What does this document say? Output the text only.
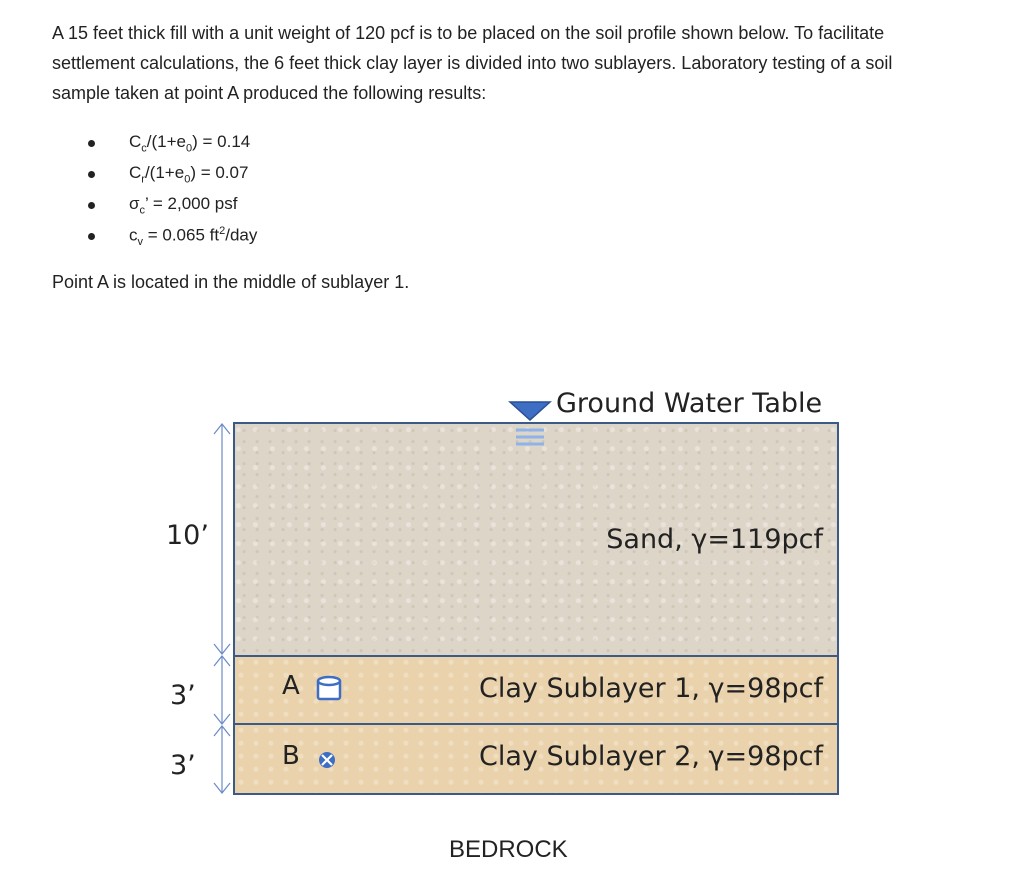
A 15 feet thick fill with a unit weight of 120 pcf is to be placed on the soil profile shown below. To facilitate settlement calculations, the 6 feet thick clay layer is divided into two sublayers. Laboratory testing of a soil sample taken at point A produced the following results:
$C_c/(1+e_0) = 0.14$
$C_r/(1+e_0) = 0.07$
$\sigma_c$’ = 2,000 psf
$c_v = 0.065$ $ft^2$/day
Point A is located in the middle of sublayer 1.
Sand, γ=119pcf
Clay Sublayer 1, γ=98pcf
Clay Sublayer 2, γ=98pcf
A
B
10’
3’
3’
Ground Water Table
BEDROCK
